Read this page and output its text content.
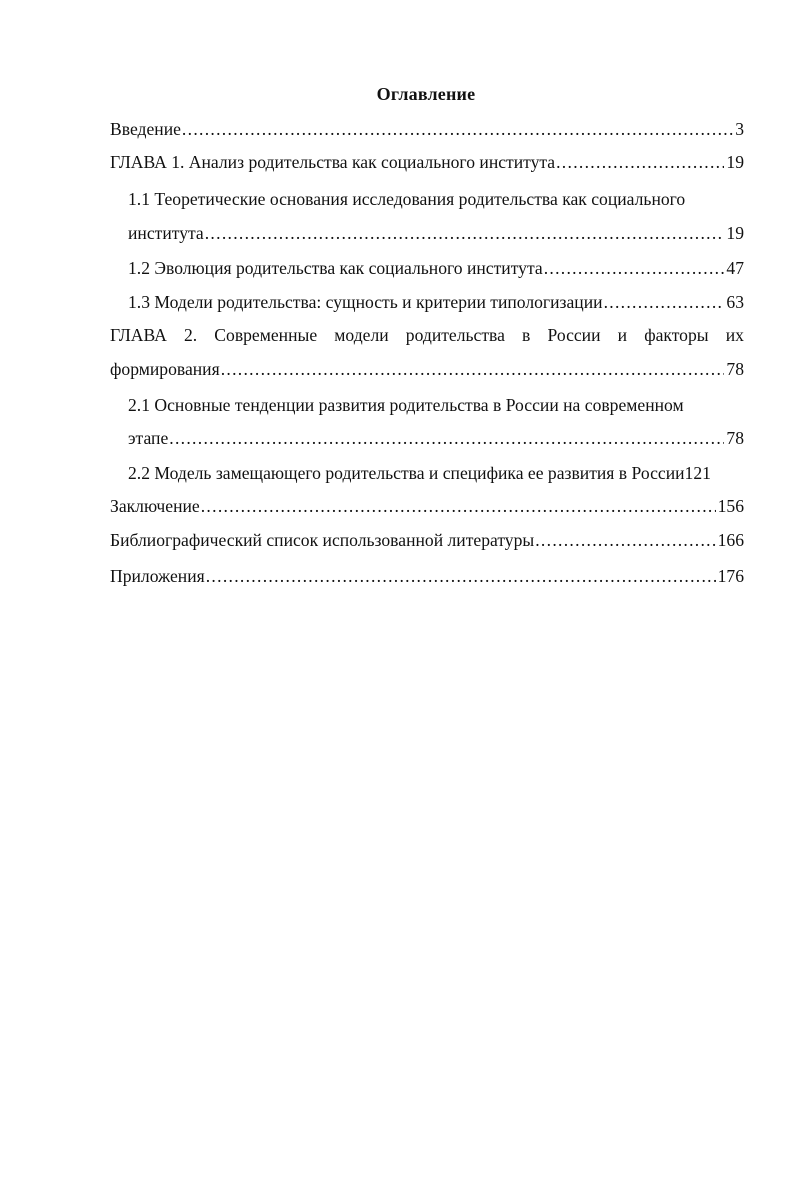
Оглавление
Введение .....	3
ГЛАВА 1. Анализ родительства как социального института .....	19
1.1 Теоретические основания исследования родительства как социального
института .....	19
1.2 Эволюция родительства как социального института .....	47
1.3 Модели родительства: сущность и критерии типологизации .....	63
ГЛАВА 2. Современные модели родительства в России и факторы их
формирования .....	78
2.1 Основные тенденции развития родительства в России на современном
этапе .....	78
2.2 Модель замещающего родительства и специфика ее развития в России 121
Заключение .....	156
Библиографический список использованной литературы .....	166
Приложения .....	176
